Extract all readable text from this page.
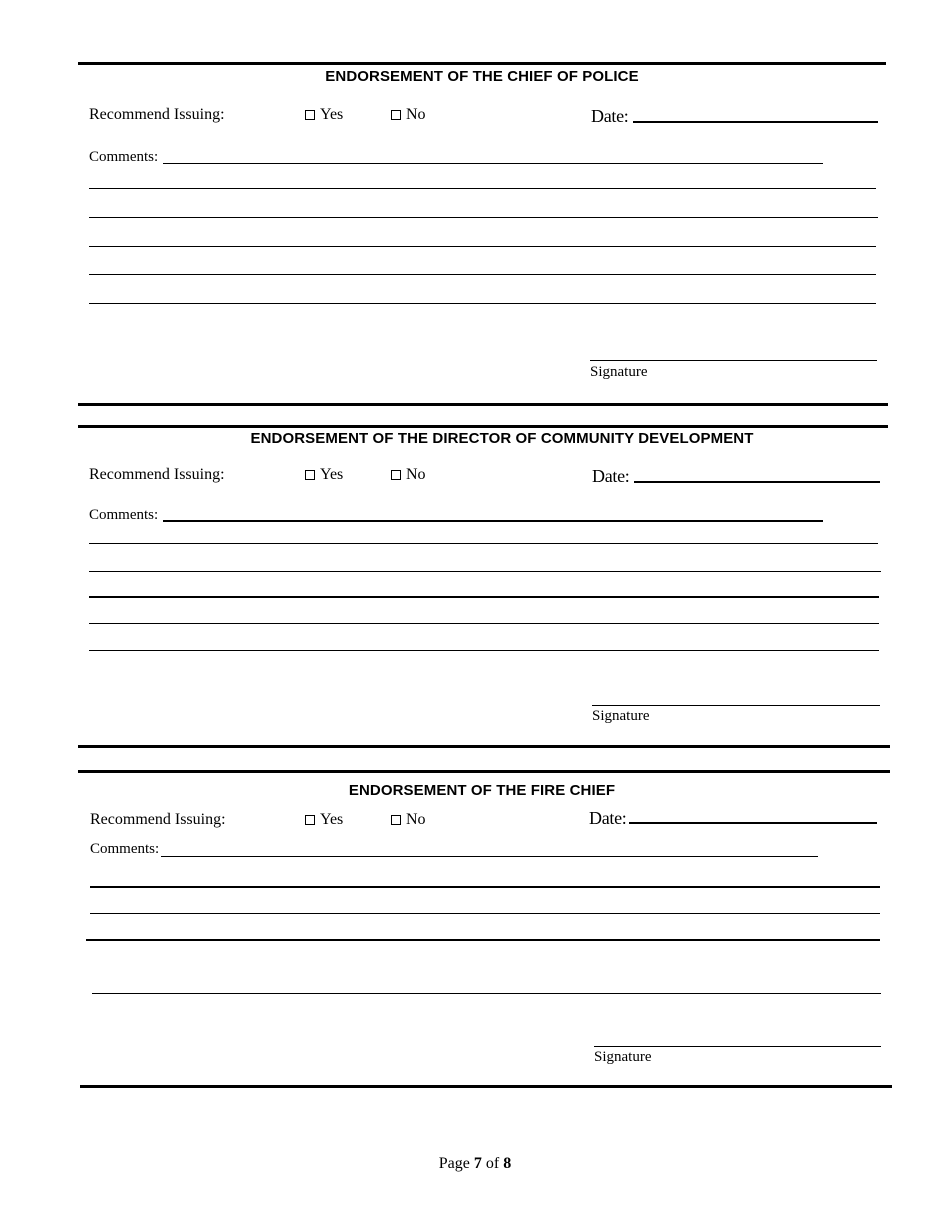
ENDORSEMENT OF THE CHIEF OF POLICE
Recommend Issuing:	Yes	No	Date:
Comments:
Signature
ENDORSEMENT OF THE DIRECTOR OF COMMUNITY DEVELOPMENT
Recommend Issuing:	Yes	No	Date:
Comments:
Signature
ENDORSEMENT OF THE FIRE CHIEF
Recommend Issuing:	Yes	No	Date:
Comments:
Signature
Page 7 of 8
